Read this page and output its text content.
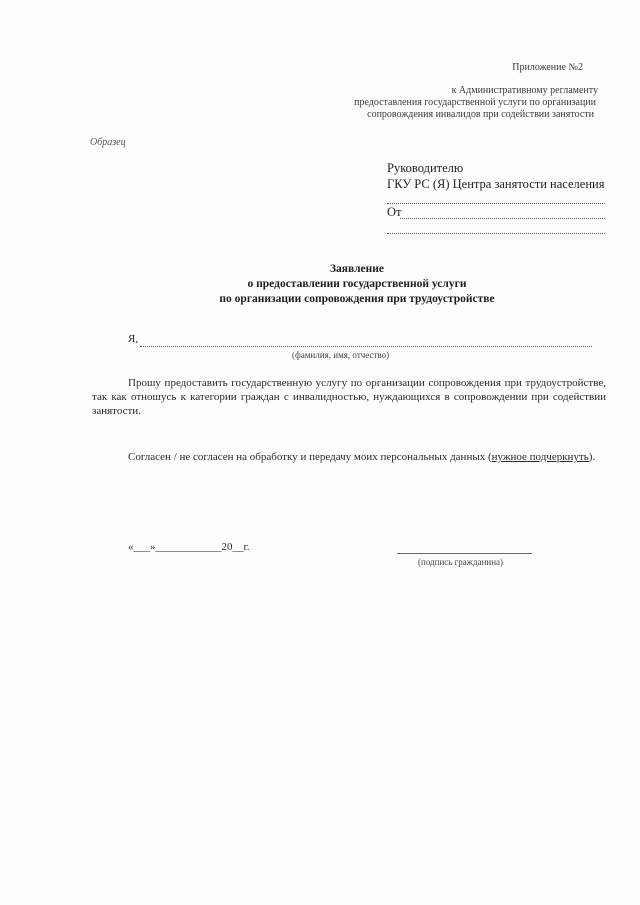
Приложение №2
к Административному регламенту
предоставления государственной услуги по организации
сопровождения инвалидов при содействии занятости
Образец
Руководителю
ГКУ РС (Я) Центра занятости населения
От
Заявление
о предоставлении государственной услуги
по организации сопровождения при трудоустройстве
Я,
(фамилия, имя, отчество)
Прошу предоставить государственную услугу по организации сопровождения при трудоустройстве, так как отношусь к категории граждан с инвалидностью, нуждающихся в сопровождении при содействии занятости.
Согласен / не согласен на обработку и передачу моих персональных данных (нужное подчеркнуть).
«___»____________20__г.
(подпись гражданина)
